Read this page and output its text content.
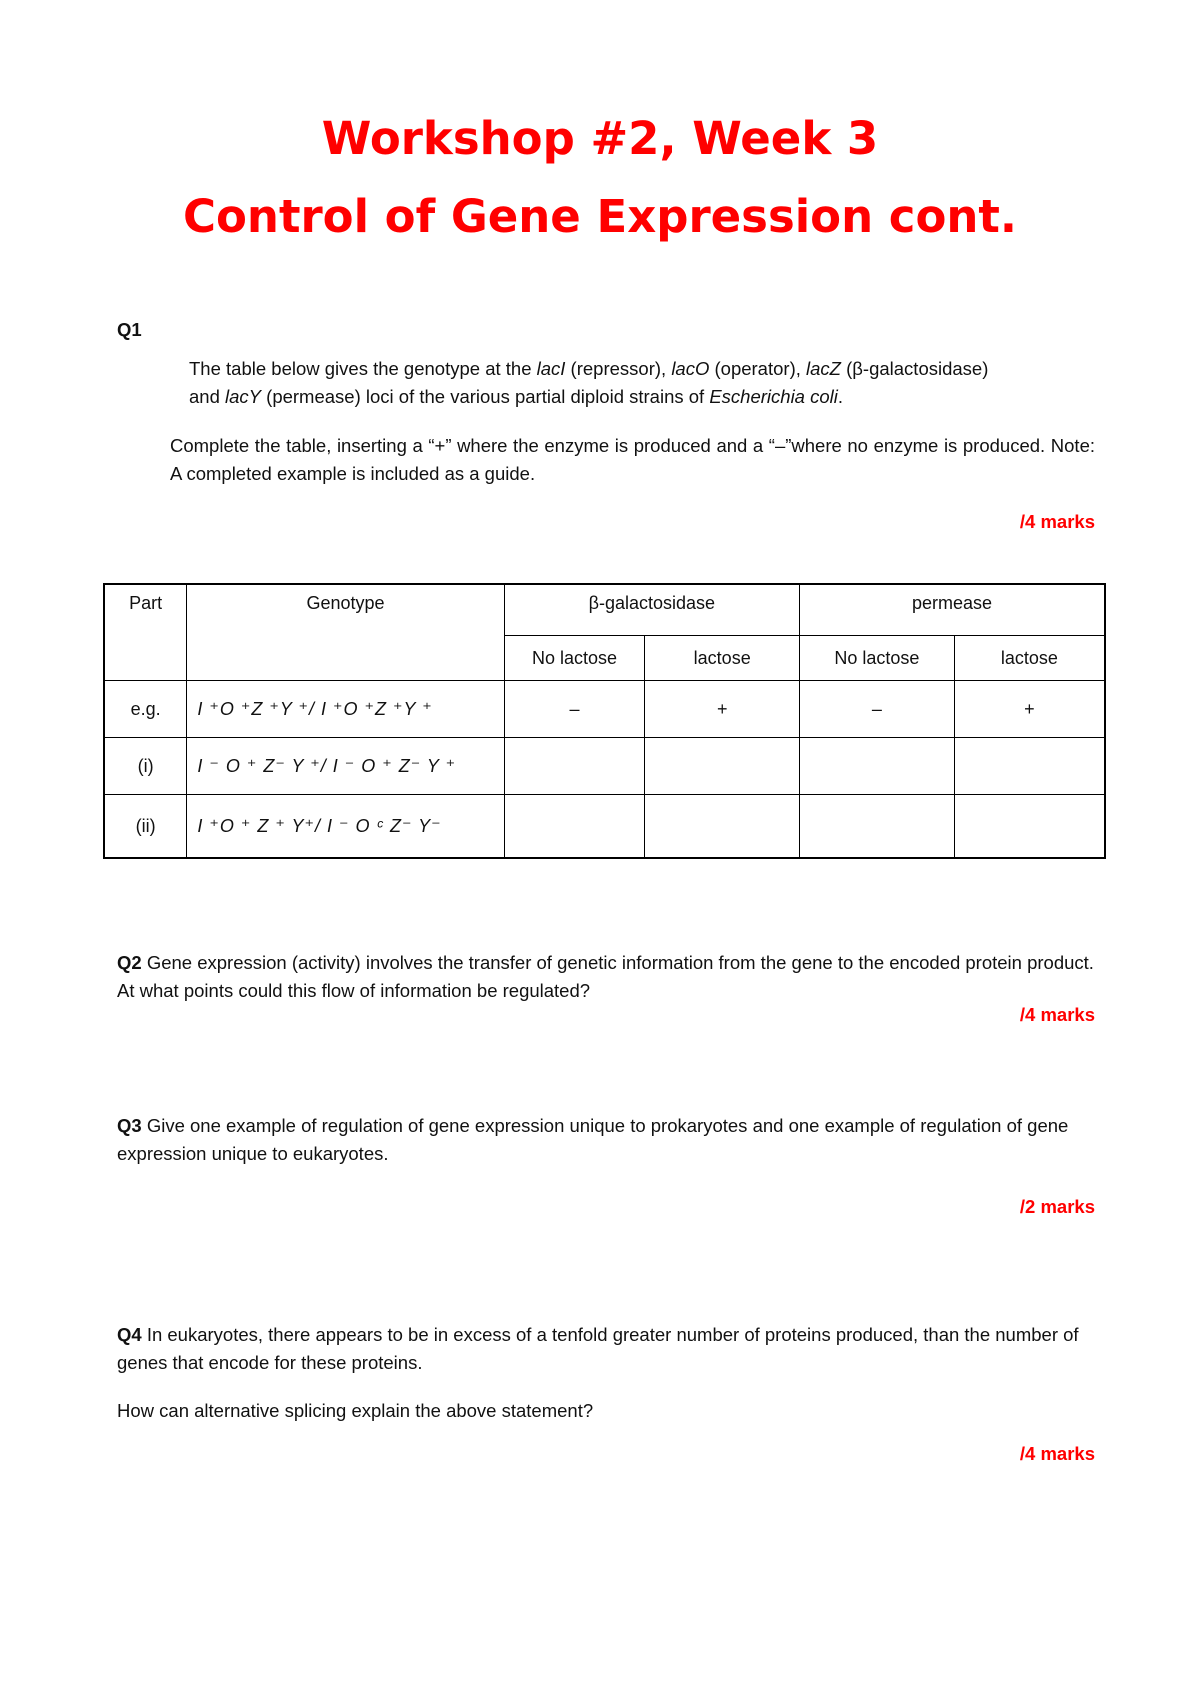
Workshop #2, Week 3
Control of Gene Expression cont.
Q1
The table below gives the genotype at the lacI (repressor), lacO (operator), lacZ (β-galactosidase)
and lacY (permease) loci of the various partial diploid strains of Escherichia coli.
Complete the table, inserting a “+” where the enzyme is produced and a “–”where no enzyme is produced. Note: A completed example is included as a guide.
/4 marks
Part	Genotype	β-galactosidase		permease	
		No lactose	lactose	No lactose	lactose
e.g.	I ⁺O ⁺Z ⁺Y ⁺/ I ⁺O ⁺Z ⁺Y ⁺	–	+	–	+
(i)	I ⁻ O ⁺ Z⁻ Y ⁺/ I ⁻ O ⁺ Z⁻ Y ⁺				
(ii)	I ⁺O ⁺ Z ⁺ Y⁺/ I ⁻ O ᶜ Z⁻ Y⁻				
Q2 Gene expression (activity) involves the transfer of genetic information from the gene to the encoded protein product. At what points could this flow of information be regulated?
/4 marks
Q3 Give one example of regulation of gene expression unique to prokaryotes and one example of regulation of gene expression unique to eukaryotes.
/2 marks
Q4 In eukaryotes, there appears to be in excess of a tenfold greater number of proteins produced, than the number of genes that encode for these proteins.
How can alternative splicing explain the above statement?
/4 marks
